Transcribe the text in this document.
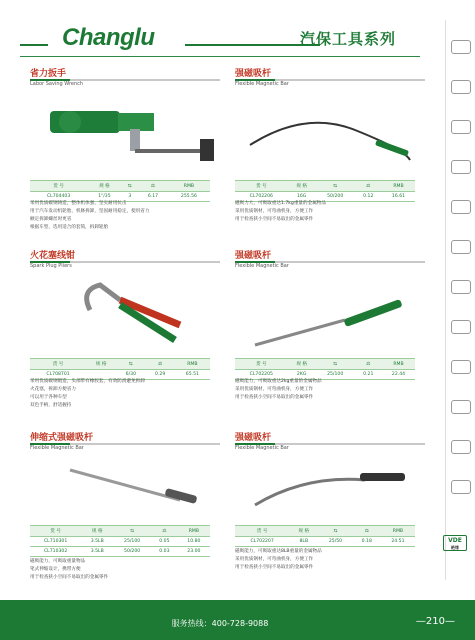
Changlu	汽保工具系列
省力扳手
Labor Saving Wrench
货 号	规 格	⇆	⚖	RMB
CL704403	1"/35	3	6.17	255.56
采用优质碳钢铸造，整体机体强，坚实耐用抗击
用于汽车发动机轮胎，机修拆卸，坚固耐用稳定，使用省力
额定拆卸螺丝时更省
根据车型，选用适合的套筒，拆卸轮胎
强磁吸杆
Flexible Magnetic Bar
货 号	规 格	⇆	⚖	RMB
CL702206	16G	50/200	0.12	16.61
磁吸力大，可吸取重达1.7kg重量的金属物品
采用优质钢材，可弯曲机身，方便工作
用于检查狭小空间不易取出的金属零件
火花塞线钳
Spark Plug Pliers
货 号	规 格	⇆	⚖	RMB
CL708701		6/30	0.29	65.51
采用优质碳钢锻造，头部带有橡胶套，有效防滑避免拆卸
火花塞，拆卸方便省力
可以用于各种车型
双色手柄，舒适握持
强磁吸杆
Flexible Magnetic Bar
货 号	规 格	⇆	⚖	RMB
CL702205	2KG	25/100	0.21	22.44
磁吸能力，可吸取重达2kg重量的金属物品
采用优质钢材，可弯曲机身，方便工作
用于检查狭小空间不易取出的金属零件
伸缩式强磁吸杆
Flexible Magnetic Bar
货 号	规 格	⇆	⚖	RMB
CL710301	3.5LB	25/100	0.05	10.80
CL710302	3.5LB	50/200	0.03	23.00
磁吸能力，可吸取重量物品
笔式伸缩设计，携带方便
用于检查狭小空间不易取出的金属零件
强磁吸杆
Flexible Magnetic Bar
货 号	规 格	⇆	⚖	RMB
CL702207	8LB	25/50	0.18	24.51
磁吸能力，可吸取重达8LB重量的金属物品
采用优质钢材，可弯曲机身，方便工作
用于检查狭小空间不易取出的金属零件
VDE
绝缘
服务热线：400-728-9088	—210—
